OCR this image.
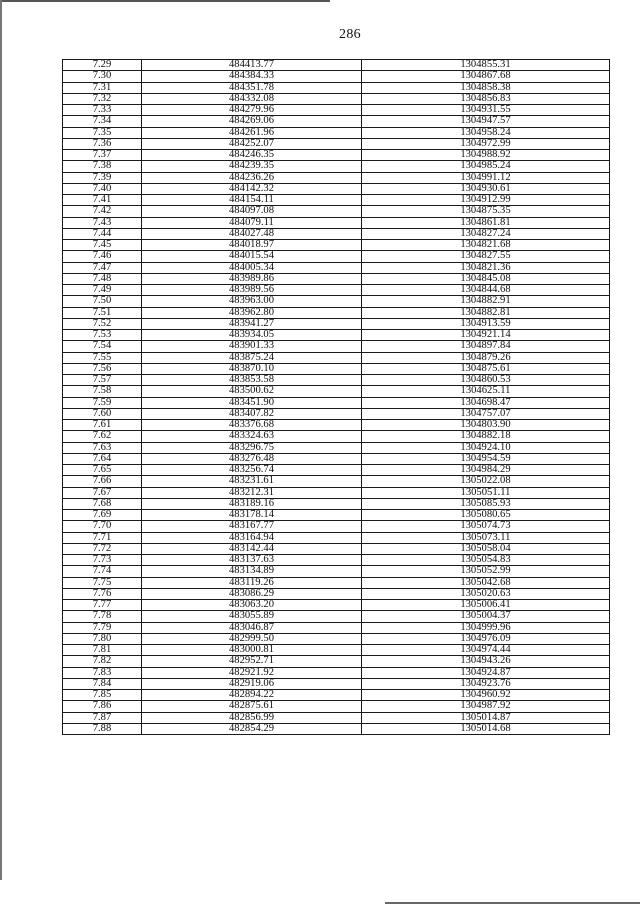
286
7.29	484413.77	1304855.31
7.30	484384.33	1304867.68
7.31	484351.78	1304858.38
7.32	484332.08	1304856.83
7.33	484279.96	1304931.55
7.34	484269.06	1304947.57
7.35	484261.96	1304958.24
7.36	484252.07	1304972.99
7.37	484246.35	1304988.92
7.38	484239.35	1304985.24
7.39	484236.26	1304991.12
7.40	484142.32	1304930.61
7.41	484154.11	1304912.99
7.42	484097.08	1304875.35
7.43	484079.11	1304861.81
7.44	484027.48	1304827.24
7.45	484018.97	1304821.68
7.46	484015.54	1304827.55
7.47	484005.34	1304821.36
7.48	483989.86	1304845.08
7.49	483989.56	1304844.68
7.50	483963.00	1304882.91
7.51	483962.80	1304882.81
7.52	483941.27	1304913.59
7.53	483934.05	1304921.14
7.54	483901.33	1304897.84
7.55	483875.24	1304879.26
7.56	483870.10	1304875.61
7.57	483853.58	1304860.53
7.58	483500.62	1304625.11
7.59	483451.90	1304698.47
7.60	483407.82	1304757.07
7.61	483376.68	1304803.90
7.62	483324.63	1304882.18
7.63	483296.75	1304924.10
7.64	483276.48	1304954.59
7.65	483256.74	1304984.29
7.66	483231.61	1305022.08
7.67	483212.31	1305051.11
7.68	483189.16	1305085.93
7.69	483178.14	1305080.65
7.70	483167.77	1305074.73
7.71	483164.94	1305073.11
7.72	483142.44	1305058.04
7.73	483137.63	1305054.83
7.74	483134.89	1305052.99
7.75	483119.26	1305042.68
7.76	483086.29	1305020.63
7.77	483063.20	1305006.41
7.78	483055.89	1305004.37
7.79	483046.87	1304999.96
7.80	482999.50	1304976.09
7.81	483000.81	1304974.44
7.82	482952.71	1304943.26
7.83	482921.92	1304924.87
7.84	482919.06	1304923.76
7.85	482894.22	1304960.92
7.86	482875.61	1304987.92
7.87	482856.99	1305014.87
7.88	482854.29	1305014.68
